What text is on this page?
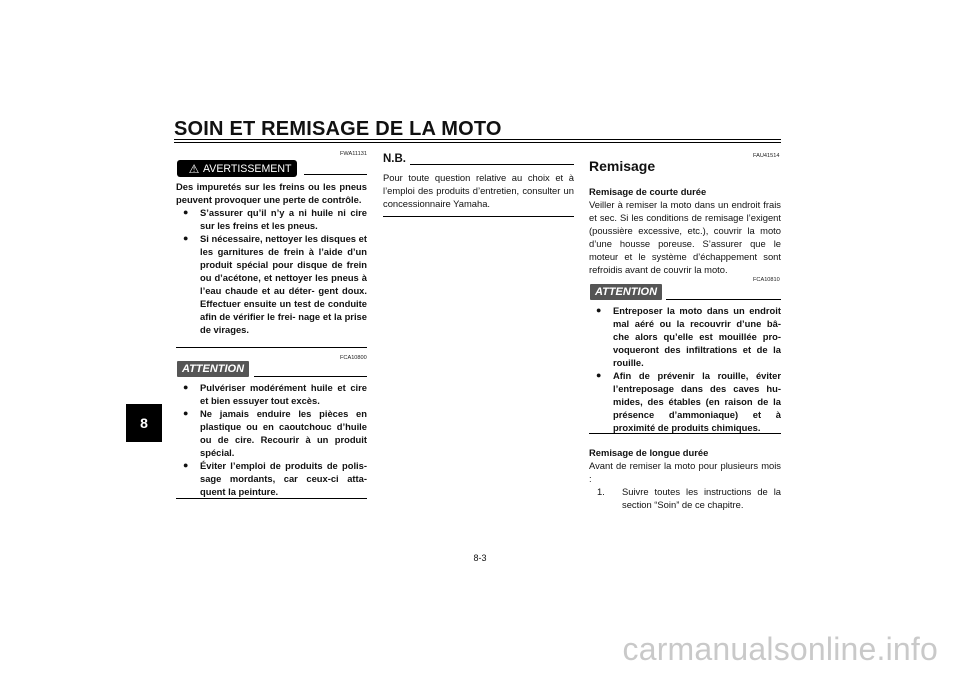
SOIN ET REMISAGE DE LA MOTO
8
FWA11131
⚠ AVERTISSEMENT
Des impuretés sur les freins ou les pneus peuvent provoquer une perte de contrôle.
● S’assurer qu’il n’y a ni huile ni cire sur les freins et les pneus.
● Si nécessaire, nettoyer les disques et les garnitures de frein à l’aide d’un produit spécial pour disque de frein ou d’acétone, et nettoyer les pneus à l’eau chaude et au déter- gent doux. Effectuer ensuite un test de conduite afin de vérifier le frei- nage et la prise de virages.
FCA10800
ATTENTION
● Pulvériser modérément huile et cire et bien essuyer tout excès.
● Ne jamais enduire les pièces en plastique ou en caoutchouc d’huile ou de cire. Recourir à un produit spécial.
● Éviter l’emploi de produits de polis- sage mordants, car ceux-ci atta- quent la peinture.
N.B.
Pour toute question relative au choix et à l’emploi des produits d’entretien, consulter un concessionnaire Yamaha.
FAU41514
Remisage
Remisage de courte durée
Veiller à remiser la moto dans un endroit frais et sec. Si les conditions de remisage l’exigent (poussière excessive, etc.), couvrir la moto d’une housse poreuse. S’assurer que le moteur et le système d’échappement sont refroidis avant de couvrir la moto.
FCA10810
ATTENTION
● Entreposer la moto dans un endroit mal aéré ou la recouvrir d’une bâ- che alors qu’elle est mouillée pro- voqueront des infiltrations et de la rouille.
● Afin de prévenir la rouille, éviter l’entreposage dans des caves hu- mides, des étables (en raison de la présence d’ammoniaque) et à proximité de produits chimiques.
Remisage de longue durée
Avant de remiser la moto pour plusieurs mois :
1. Suivre toutes les instructions de la section “Soin” de ce chapitre.
8-3
carmanualsonline.info
